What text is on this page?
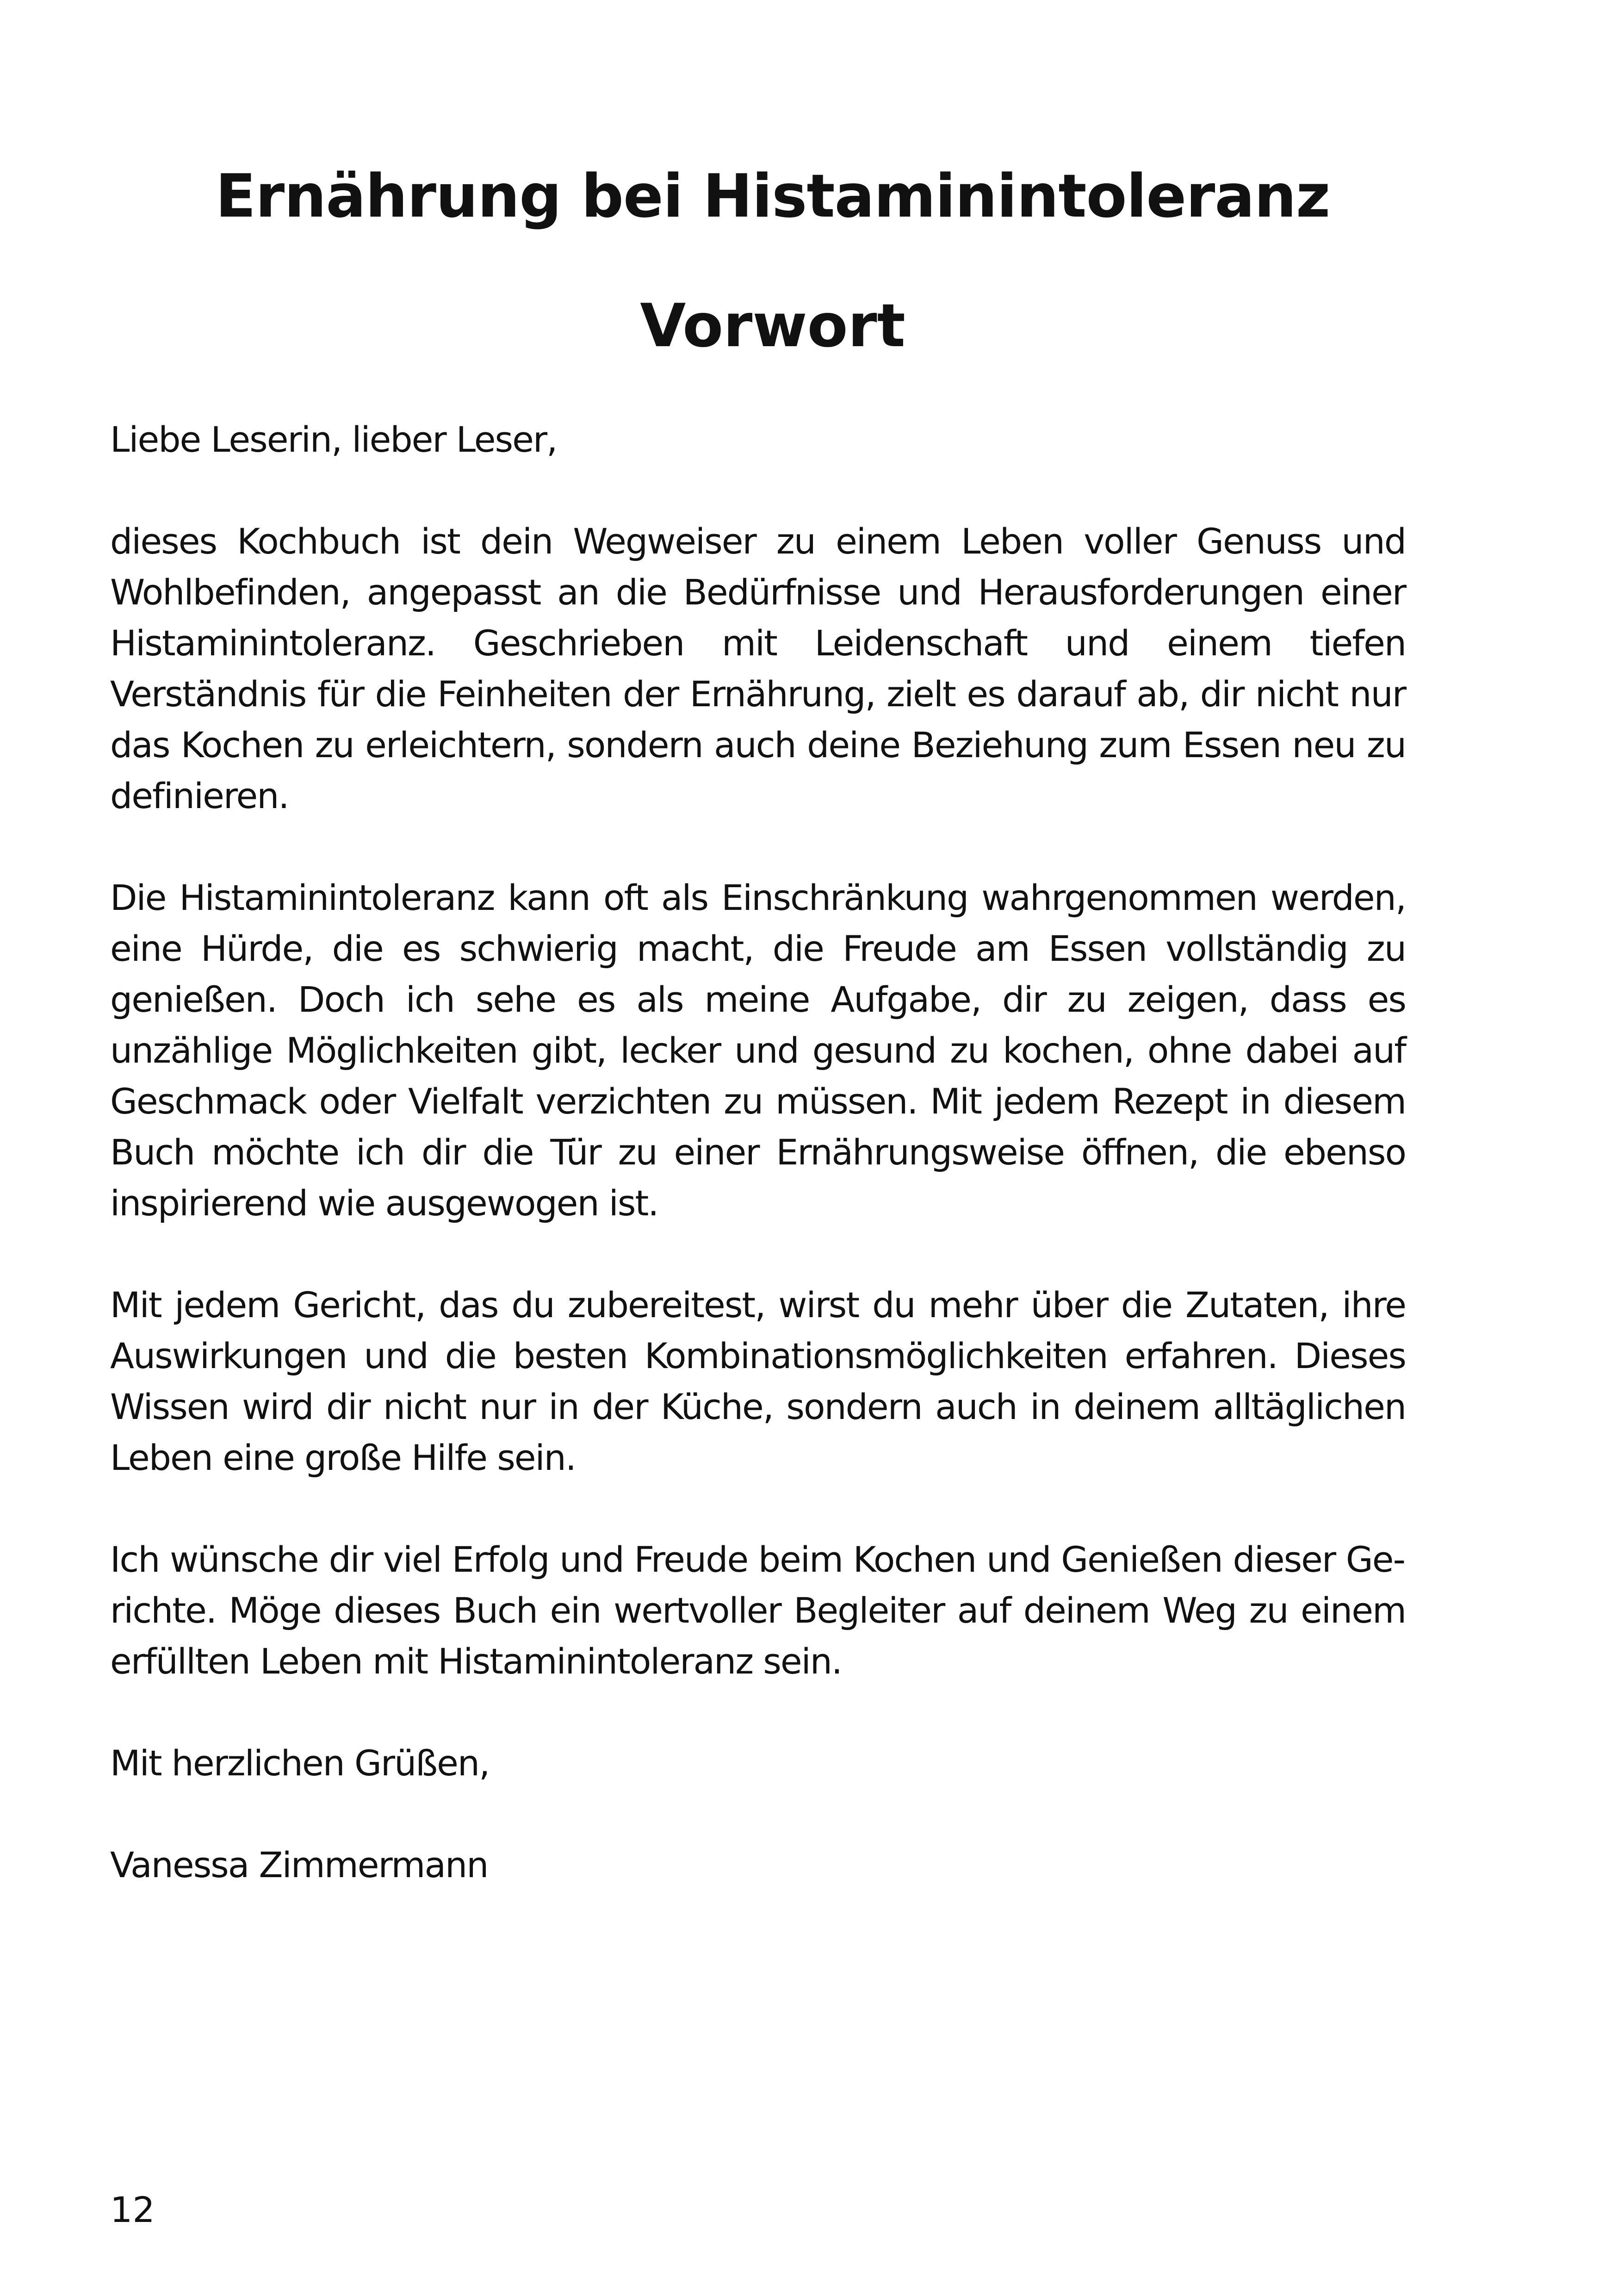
Ernährung bei Histaminintoleranz
Vorwort

Liebe Leserin, lieber Leser,

dieses Kochbuch ist dein Wegweiser zu einem Leben voller Genuss und Wohlbefinden, angepasst an die Bedürfnisse und Herausforderungen einer Histaminintoleranz. Geschrieben mit Leidenschaft und einem tiefen Verständnis für die Feinheiten der Ernährung, zielt es darauf ab, dir nicht nur das Kochen zu erleichtern, sondern auch deine Beziehung zum Essen neu zu definieren.

Die Histaminintoleranz kann oft als Einschränkung wahrgenommen werden, eine Hürde, die es schwierig macht, die Freude am Essen vollständig zu genießen. Doch ich sehe es als meine Aufgabe, dir zu zeigen, dass es unzählige Möglichkeiten gibt, lecker und gesund zu kochen, ohne dabei auf Geschmack oder Vielfalt verzichten zu müssen. Mit jedem Rezept in diesem Buch möchte ich dir die Tür zu einer Ernährungsweise öffnen, die ebenso inspirierend wie ausgewogen ist.

Mit jedem Gericht, das du zubereitest, wirst du mehr über die Zutaten, ihre Auswirkungen und die besten Kombinationsmöglichkeiten erfahren. Dieses Wissen wird dir nicht nur in der Küche, sondern auch in deinem alltäglichen Leben eine große Hilfe sein.

Ich wünsche dir viel Erfolg und Freude beim Kochen und Genießen dieser Gerichte. Möge dieses Buch ein wertvoller Begleiter auf deinem Weg zu einem erfüllten Leben mit Histaminintoleranz sein.

Mit herzlichen Grüßen,

Vanessa Zimmermann

12
